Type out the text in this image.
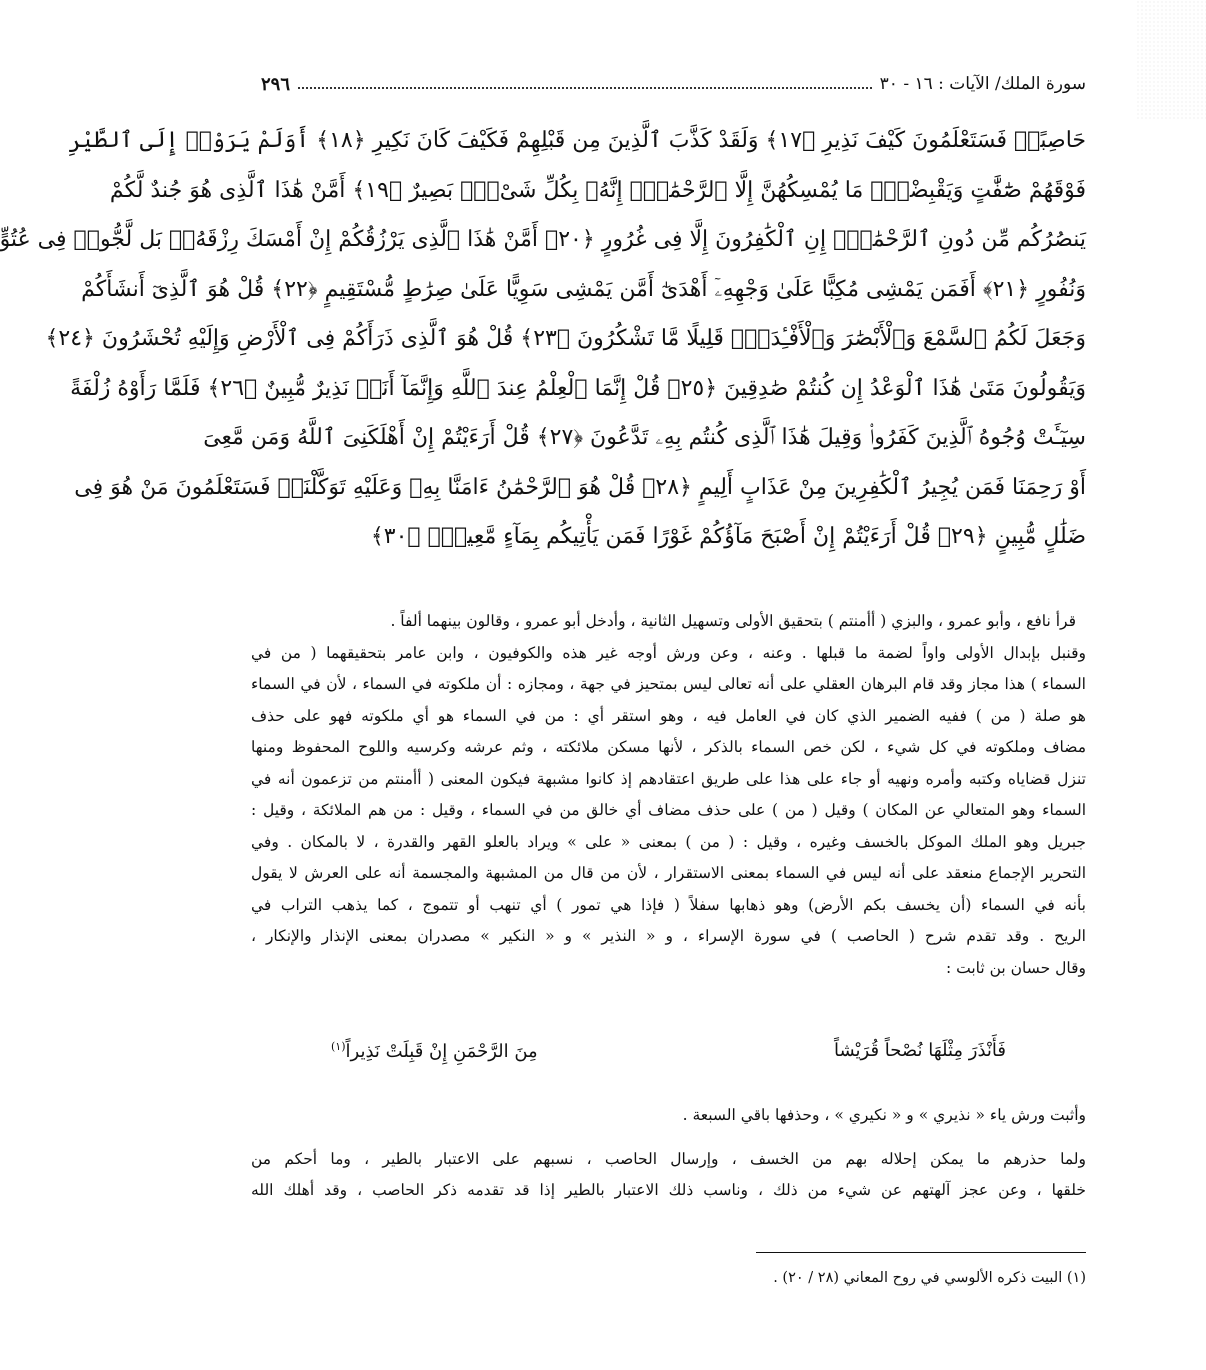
سورة الملك/ الآيات : ١٦ - ٣٠
٢٩٦
حَاصِبًاۖ فَسَتَعْلَمُونَ كَيْفَ نَذِيرِ ﴿١٧﴾ وَلَقَدْ كَذَّبَ ٱلَّذِينَ مِن قَبْلِهِمْ فَكَيْفَ كَانَ نَكِيرِ ﴿١٨﴾ أَوَلَمْ يَرَوْا۟ إِلَى ٱلطَّيْرِ
فَوْقَهُمْ صَٰٓفَّٰتٍ وَيَقْبِضْنَۚ مَا يُمْسِكُهُنَّ إِلَّا ٱلرَّحْمَٰنُۚ إِنَّهُۥ بِكُلِّ شَىْءٍۭ بَصِيرٌ ﴿١٩﴾ أَمَّنْ هَٰذَا ٱلَّذِى هُوَ جُندٌ لَّكُمْ
يَنصُرُكُم مِّن دُونِ ٱلرَّحْمَٰنِۚ إِنِ ٱلْكَٰفِرُونَ إِلَّا فِى غُرُورٍ ﴿٢٠﴾ أَمَّنْ هَٰذَا ٱلَّذِى يَرْزُقُكُمْ إِنْ أَمْسَكَ رِزْقَهُۥۚ بَل لَّجُّوا۟ فِى عُتُوٍّ
وَنُفُورٍ ﴿٢١﴾ أَفَمَن يَمْشِى مُكِبًّا عَلَىٰ وَجْهِهِۦٓ أَهْدَىٰٓ أَمَّن يَمْشِى سَوِيًّا عَلَىٰ صِرَٰطٍ مُّسْتَقِيمٍ ﴿٢٢﴾ قُلْ هُوَ ٱلَّذِىٓ أَنشَأَكُمْ
وَجَعَلَ لَكُمُ ٱلسَّمْعَ وَٱلْأَبْصَٰرَ وَٱلْأَفْـِٔدَةَۖ قَلِيلًا مَّا تَشْكُرُونَ ﴿٢٣﴾ قُلْ هُوَ ٱلَّذِى ذَرَأَكُمْ فِى ٱلْأَرْضِ وَإِلَيْهِ تُحْشَرُونَ ﴿٢٤﴾
وَيَقُولُونَ مَتَىٰ هَٰذَا ٱلْوَعْدُ إِن كُنتُمْ صَٰدِقِينَ ﴿٢٥﴾ قُلْ إِنَّمَا ٱلْعِلْمُ عِندَ ٱللَّهِ وَإِنَّمَآ أَنَا۠ نَذِيرٌ مُّبِينٌ ﴿٢٦﴾ فَلَمَّا رَأَوْهُ زُلْفَةً
سِيٓـَٔتْ وُجُوهُ ٱلَّذِينَ كَفَرُوا۟ وَقِيلَ هَٰذَا ٱلَّذِى كُنتُم بِهِۦ تَدَّعُونَ ﴿٢٧﴾ قُلْ أَرَءَيْتُمْ إِنْ أَهْلَكَنِىَ ٱللَّهُ وَمَن مَّعِىَ
أَوْ رَحِمَنَا فَمَن يُجِيرُ ٱلْكَٰفِرِينَ مِنْ عَذَابٍ أَلِيمٍ ﴿٢٨﴾ قُلْ هُوَ ٱلرَّحْمَٰنُ ءَامَنَّا بِهِۦ وَعَلَيْهِ تَوَكَّلْنَاۖ فَسَتَعْلَمُونَ مَنْ هُوَ فِى
ضَلَٰلٍ مُّبِينٍ ﴿٢٩﴾ قُلْ أَرَءَيْتُمْ إِنْ أَصْبَحَ مَآؤُكُمْ غَوْرًا فَمَن يَأْتِيكُم بِمَآءٍ مَّعِينٍۭ ﴿٣٠﴾
قرأ نافع ، وأبو عمرو ، والبزي ( أأمنتم ) بتحقيق الأولى وتسهيل الثانية ، وأدخل أبو عمرو ، وقالون بينهما ألفاً .
وقنبل بإبدال الأولى واواً لضمة ما قبلها . وعنه ، وعن ورش أوجه غير هذه والكوفيون ، وابن عامر بتحقيقهما ( من في
السماء ) هذا مجاز وقد قام البرهان العقلي على أنه تعالى ليس بمتحيز في جهة ، ومجازه : أن ملكوته في السماء ، لأن في السماء
هو صلة ( من ) ففيه الضمير الذي كان في العامل فيه ، وهو استقر أي : من في السماء هو أي ملكوته فهو على حذف
مضاف وملكوته في كل شيء ، لكن خص السماء بالذكر ، لأنها مسكن ملائكته ، وثم عرشه وكرسيه واللوح المحفوظ ومنها
تنزل قضاياه وكتبه وأمره ونهيه أو جاء على هذا على طريق اعتقادهم إذ كانوا مشبهة فيكون المعنى ( أأمنتم من تزعمون أنه في
السماء وهو المتعالي عن المكان ) وقيل ( من ) على حذف مضاف أي خالق من في السماء ، وقيل : من هم الملائكة ، وقيل :
جبريل وهو الملك الموكل بالخسف وغيره ، وقيل : ( من ) بمعنى « على » ويراد بالعلو القهر والقدرة ، لا بالمكان . وفي
التحرير الإجماع منعقد على أنه ليس في السماء بمعنى الاستقرار ، لأن من قال من المشبهة والمجسمة أنه على العرش لا يقول
بأنه في السماء (أن يخسف بكم الأرض) وهو ذهابها سفلاً ( فإذا هي تمور ) أي تنهب أو تتموج ، كما يذهب التراب في
الريح . وقد تقدم شرح ( الحاصب ) في سورة الإسراء ، و « النذير » و « النكير » مصدران بمعنى الإنذار والإنكار ،
وقال حسان بن ثابت :
فَأَنْذَرَ مِثْلَهَا نُصْحاً قُرَيْشاً
مِنَ الرَّحْمَنِ إِنْ قَبِلَتْ نَذِيراً$^{(١)}$
وأثبت ورش ياء « نذيري » و « نكيري » ، وحذفها باقي السبعة .
ولما حذرهم ما يمكن إحلاله بهم من الخسف ، وإرسال الحاصب ، نسبهم على الاعتبار بالطير ، وما أحكم من
خلقها ، وعن عجز آلهتهم عن شيء من ذلك ، وناسب ذلك الاعتبار بالطير إذا قد تقدمه ذكر الحاصب ، وقد أهلك الله
(١) البيت ذكره الألوسي في روح المعاني (٢٨ / ٢٠) .
